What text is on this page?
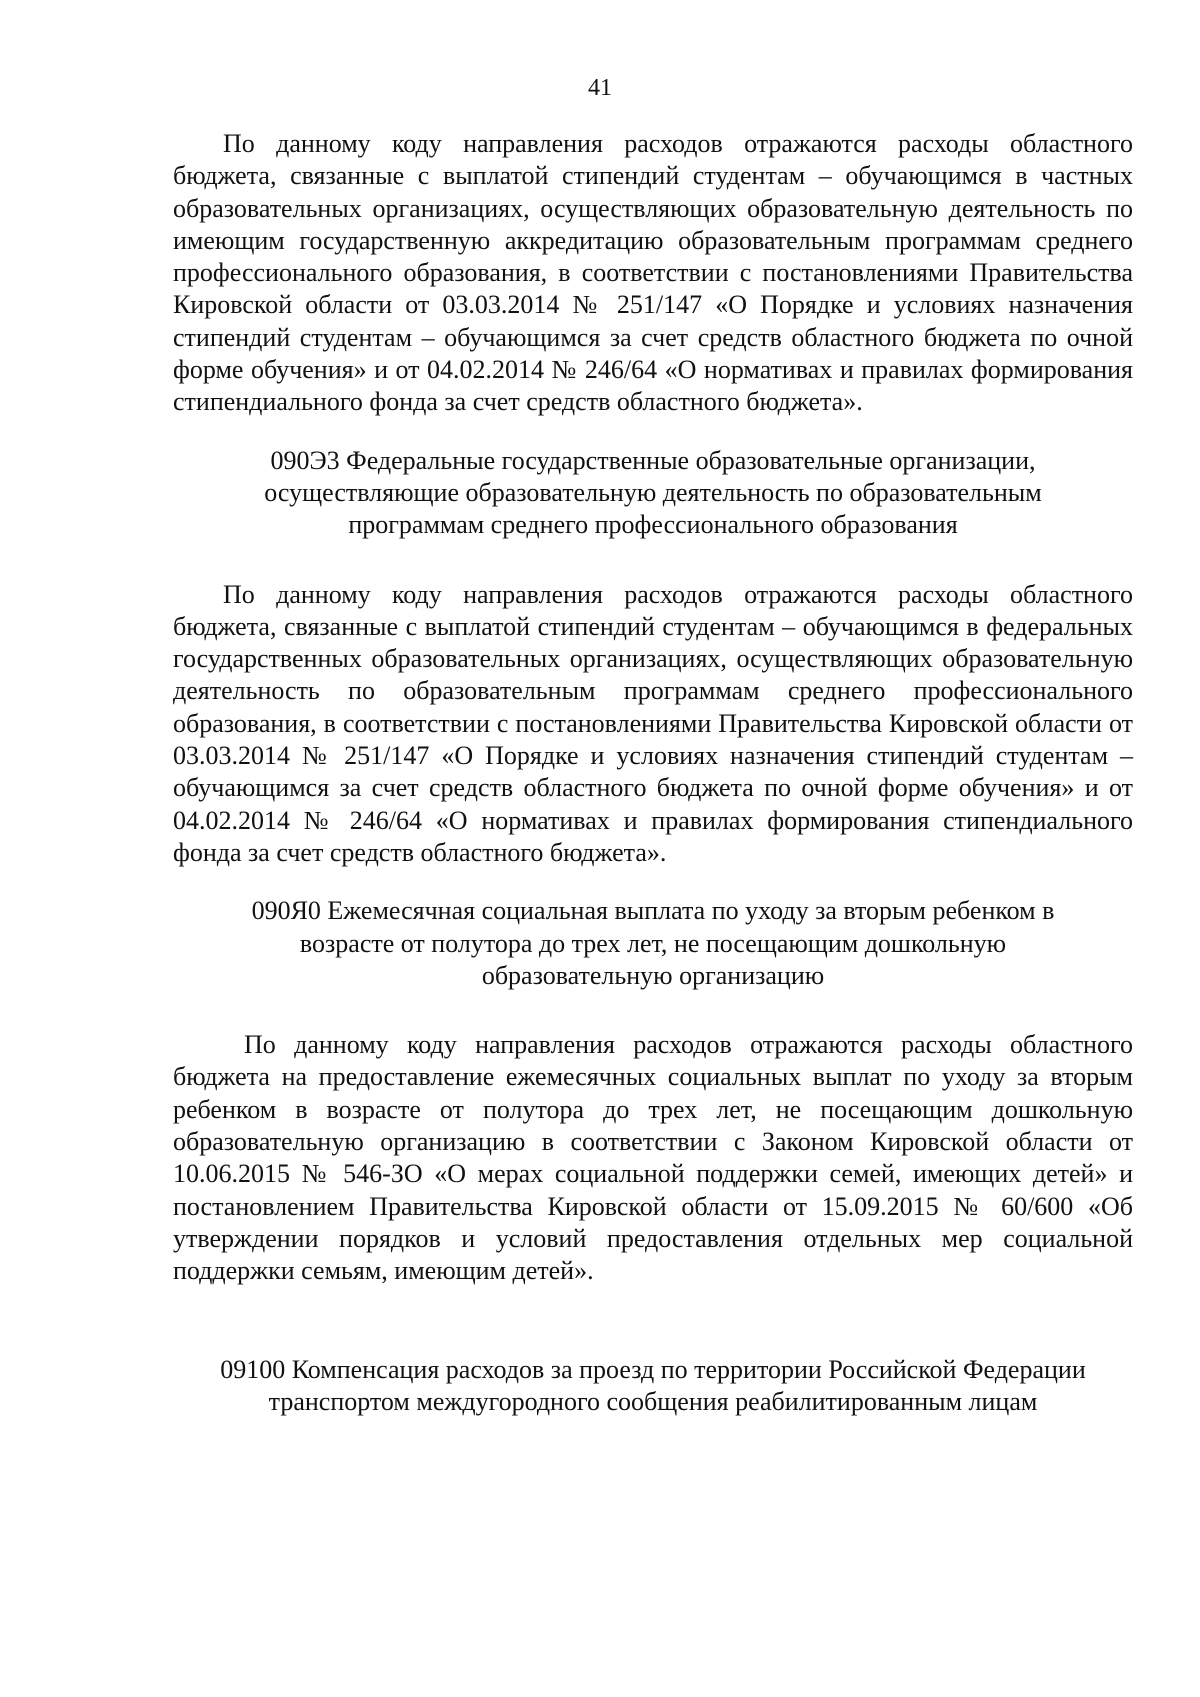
41

По данному коду направления расходов отражаются расходы областного бюджета, связанные с выплатой стипендий студентам – обучающимся в частных образовательных организациях, осуществляющих образовательную деятельность по имеющим государственную аккредитацию образовательным программам среднего профессионального образования, в соответствии с постановлениями Правительства Кировской области от 03.03.2014 № 251/147 «О Порядке и условиях назначения стипендий студентам – обучающимся за счет средств областного бюджета по очной форме обучения» и от 04.02.2014 № 246/64 «О нормативах и правилах формирования стипендиального фонда за счет средств областного бюджета».

090Э3 Федеральные государственные образовательные организации,
осуществляющие образовательную деятельность по образовательным
программам среднего профессионального образования

По данному коду направления расходов отражаются расходы областного бюджета, связанные с выплатой стипендий студентам – обучающимся в федеральных государственных образовательных организациях, осуществляющих образовательную деятельность по образовательным программам среднего профессионального образования, в соответствии с постановлениями Правительства Кировской области от 03.03.2014 № 251/147 «О Порядке и условиях назначения стипендий студентам – обучающимся за счет средств областного бюджета по очной форме обучения» и от 04.02.2014 № 246/64 «О нормативах и правилах формирования стипендиального фонда за счет средств областного бюджета».

090Я0 Ежемесячная социальная выплата по уходу за вторым ребенком в
возрасте от полутора до трех лет, не посещающим дошкольную
образовательную организацию

По данному коду направления расходов отражаются расходы областного бюджета на предоставление ежемесячных социальных выплат по уходу за вторым ребенком в возрасте от полутора до трех лет, не посещающим дошкольную образовательную организацию в соответствии с Законом Кировской области от 10.06.2015 № 546-ЗО «О мерах социальной поддержки семей, имеющих детей» и постановлением Правительства Кировской области от 15.09.2015 № 60/600 «Об утверждении порядков и условий предоставления отдельных мер социальной поддержки семьям, имеющим детей».

09100 Компенсация расходов за проезд по территории Российской Федерации
транспортом междугородного сообщения реабилитированным лицам
